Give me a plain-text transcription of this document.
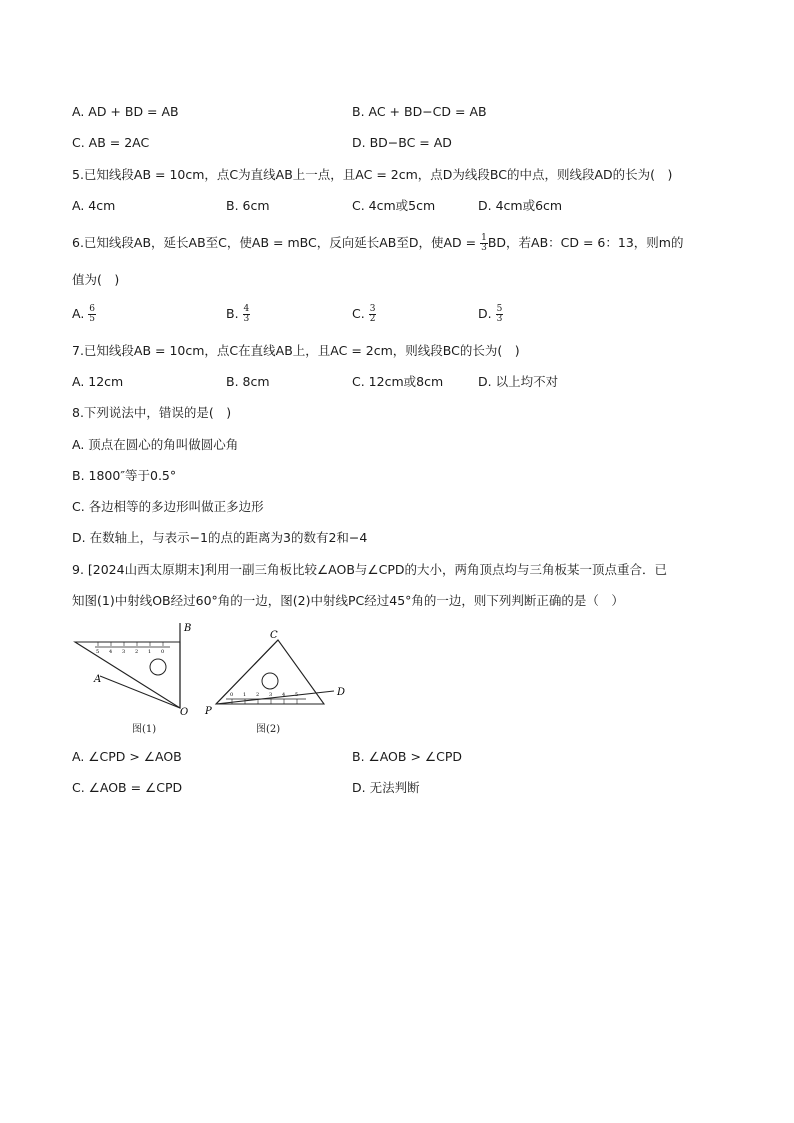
A. AD + BD = AB	B. AC + BD−CD = AB
C. AB = 2AC	D. BD−BC = AD
5.已知线段AB = 10cm，点C为直线AB上一点，且AC = 2cm，点D为线段BC的中点，则线段AD的长为(　)
A. 4cm	B. 6cm	C. 4cm或5cm	D. 4cm或6cm
6.已知线段AB，延长AB至C，使AB = mBC，反向延长AB至D，使AD = $\frac{1}{3}$ BD，若AB：CD = 6：13，则m的
值为(　)
A. $\frac{6}{5}$	B. $\frac{4}{3}$	C. $\frac{3}{2}$	D. $\frac{5}{3}$
7.已知线段AB = 10cm，点C在直线AB上，且AC = 2cm，则线段BC的长为(　)
A. 12cm	B. 8cm	C. 12cm或8cm	D. 以上均不对
8.下列说法中，错误的是(　)
A. 顶点在圆心的角叫做圆心角
B. 1800″等于0.5°
C. 各边相等的多边形叫做正多边形
D. 在数轴上，与表示−1的点的距离为3的数有2和−4
9. [2024山西太原期末]利用一副三角板比较∠AOB与∠CPD的大小，两角顶点均与三角板某一顶点重合．已
知图(1)中射线OB经过60°角的一边，图(2)中射线PC经过45°角的一边，则下列判断正确的是（　）
5 4 3 2 1 0
B
A
O
图(1)
0 1 2 3 4
C
P
D
图(2)
A. ∠CPD > ∠AOB	B. ∠AOB > ∠CPD
C. ∠AOB = ∠CPD	D. 无法判断
